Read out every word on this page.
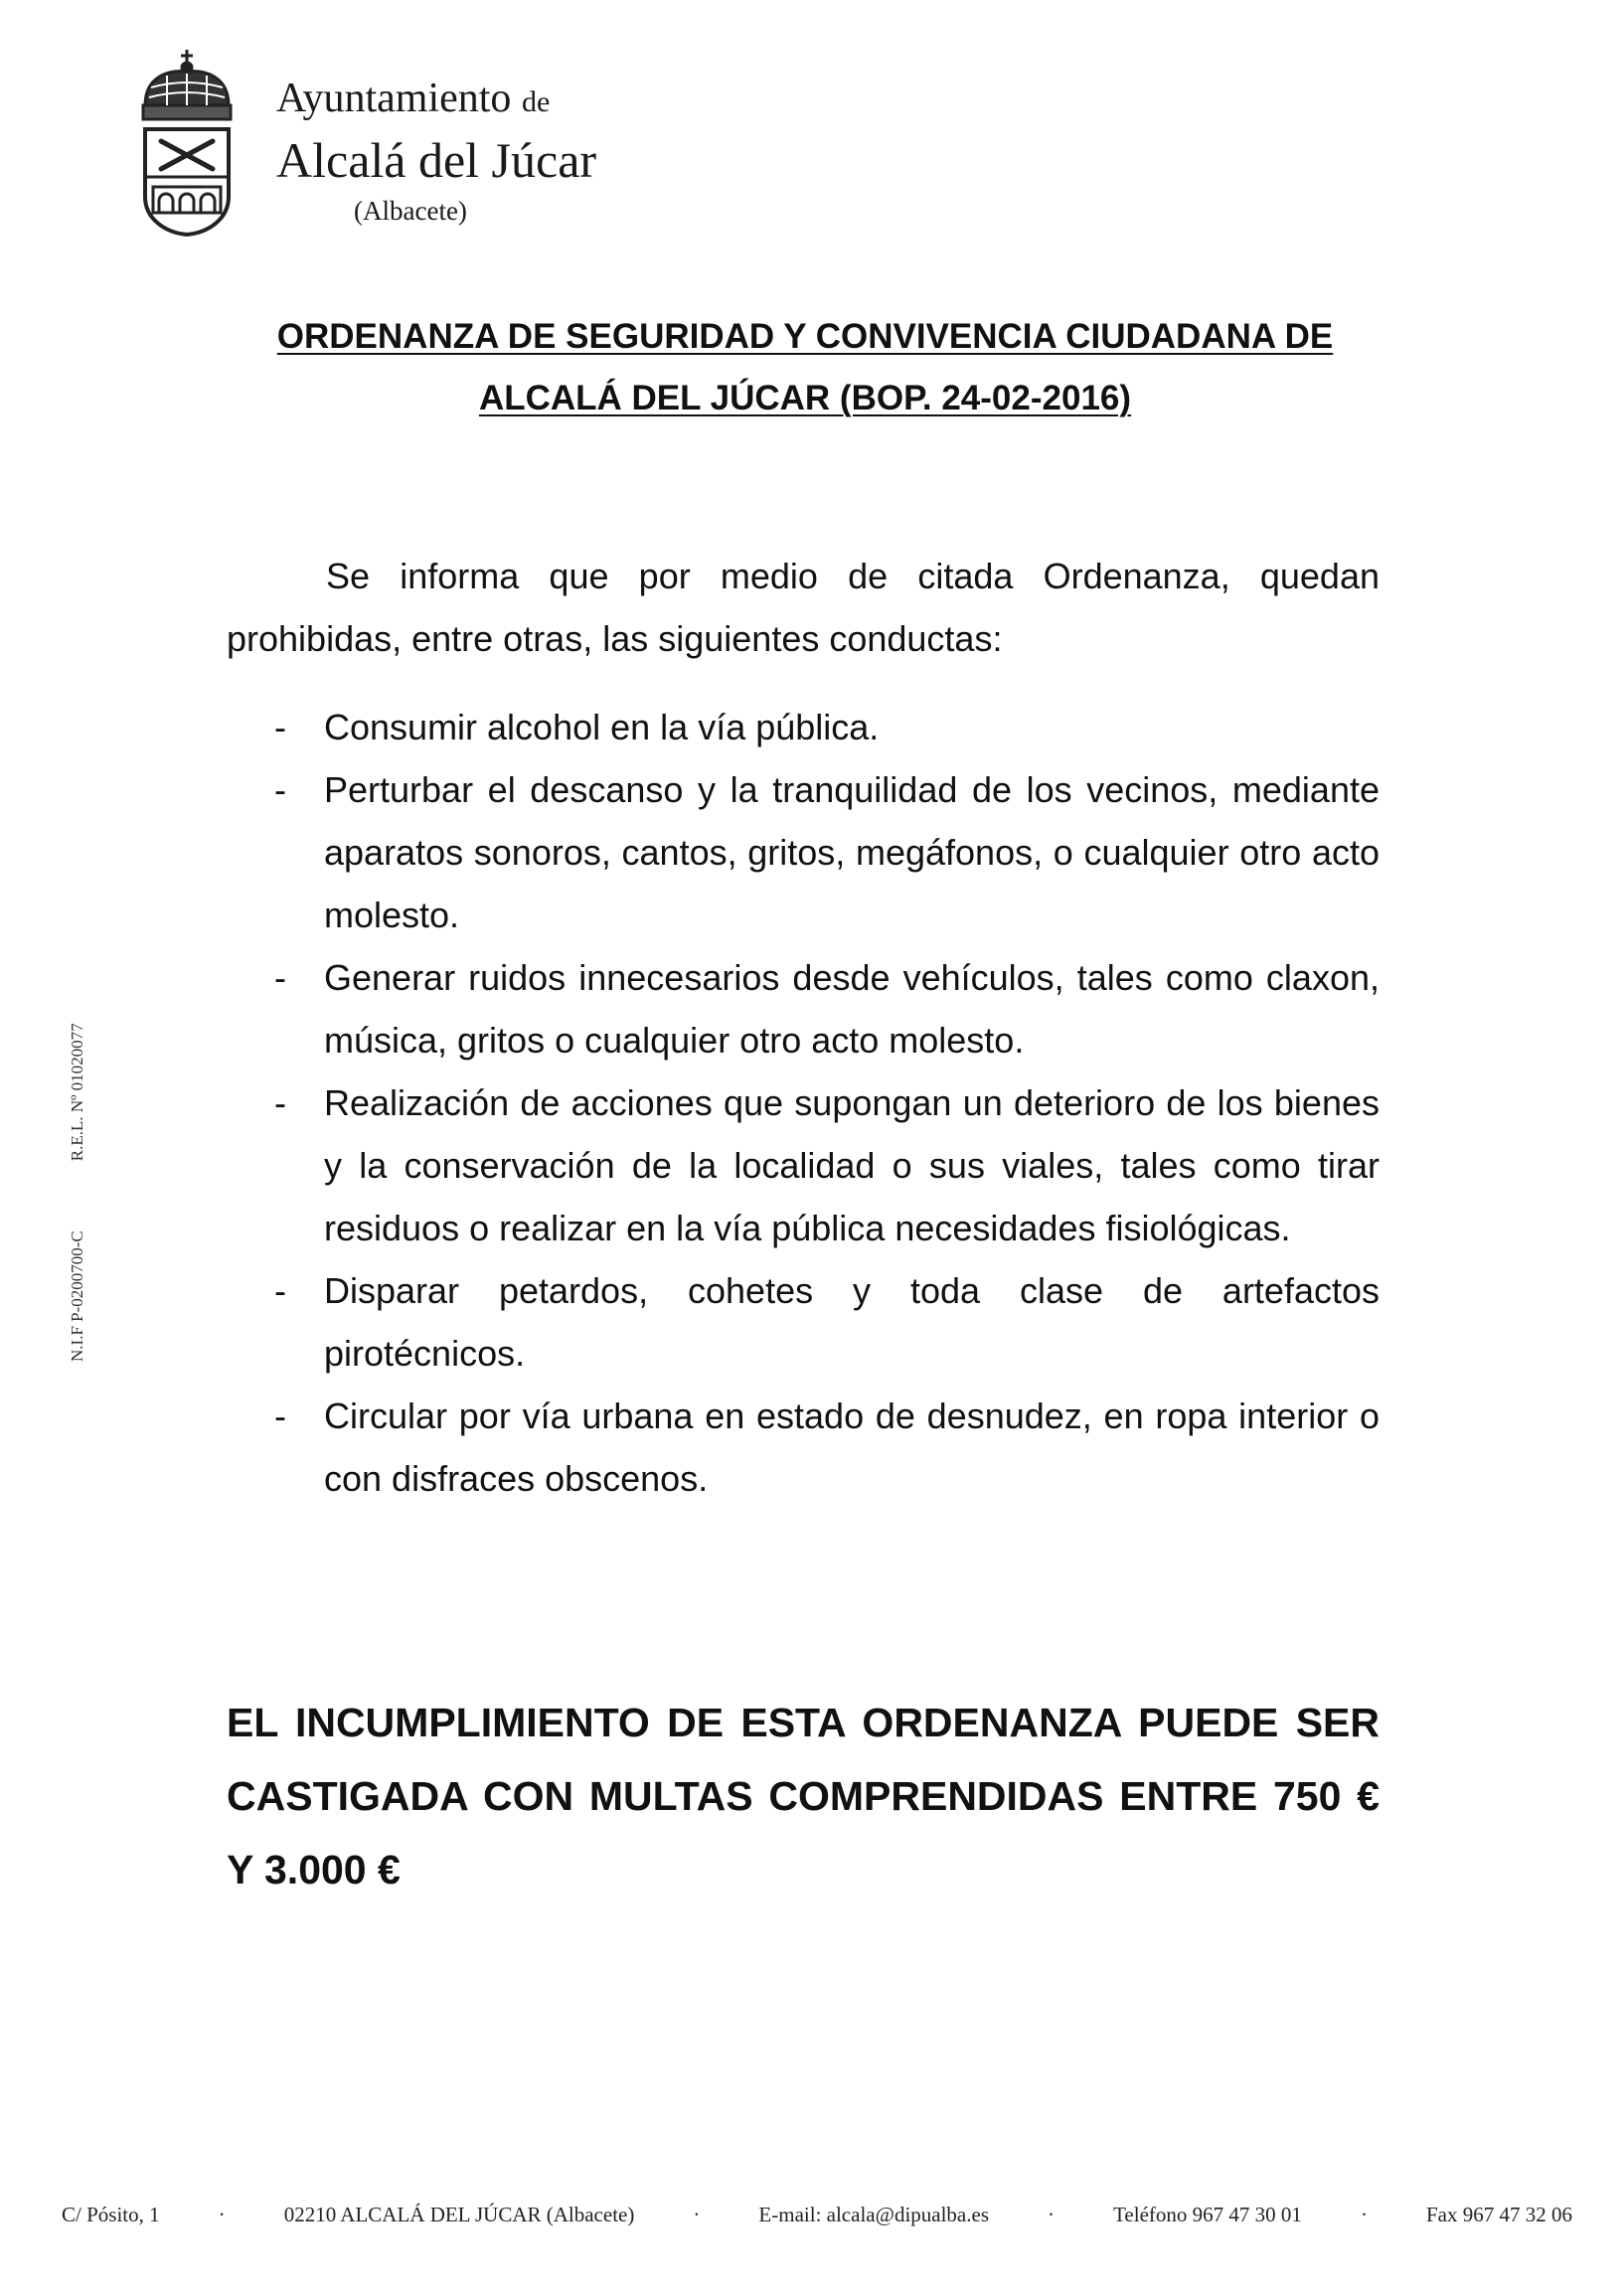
Ayuntamiento de
Alcalá del Júcar
(Albacete)
N.I.F P-0200700-CR.E.L. Nº 01020077
ORDENANZA DE SEGURIDAD Y CONVIVENCIA CIUDADANA DE
ALCALÁ DEL JÚCAR (BOP. 24-02-2016)

Se informa que por medio de citada Ordenanza, quedan prohibidas, entre otras, las siguientes conductas:

- Consumir alcohol en la vía pública.
- Perturbar el descanso y la tranquilidad de los vecinos, mediante aparatos sonoros, cantos, gritos, megáfonos, o cualquier otro acto molesto.
- Generar ruidos innecesarios desde vehículos, tales como claxon, música, gritos o cualquier otro acto molesto.
- Realización de acciones que supongan un deterioro de los bienes y la conservación de la localidad o sus viales, tales como tirar residuos o realizar en la vía pública necesidades fisiológicas.
- Disparar petardos, cohetes y toda clase de artefactos pirotécnicos.
- Circular por vía urbana en estado de desnudez, en ropa interior o con disfraces obscenos.

EL INCUMPLIMIENTO DE ESTA ORDENANZA PUEDE SER CASTIGADA CON MULTAS COMPRENDIDAS ENTRE 750 € Y 3.000 €

C/ Pósito, 1	·	02210 ALCALÁ DEL JÚCAR (Albacete)	·	E-mail: alcala@dipualba.es	·	Teléfono 967 47 30 01	·	Fax 967 47 32 06
